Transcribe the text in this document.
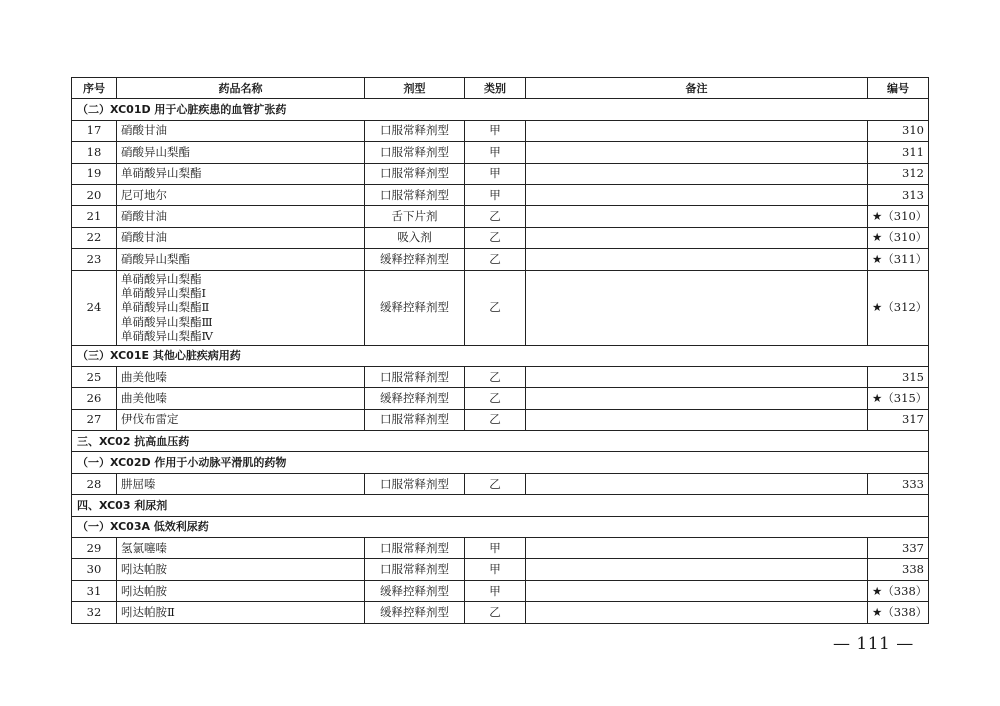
序号	药品名称	剂型	类别	备注	编号
（二）XC01D 用于心脏疾患的血管扩张药					
17	硝酸甘油	口服常释剂型	甲		310
18	硝酸异山梨酯	口服常释剂型	甲		311
19	单硝酸异山梨酯	口服常释剂型	甲		312
20	尼可地尔	口服常释剂型	甲		313
21	硝酸甘油	舌下片剂	乙		★（310）
22	硝酸甘油	吸入剂	乙		★（310）
23	硝酸异山梨酯	缓释控释剂型	乙		★（311）
24	单硝酸异山梨酯
单硝酸异山梨酯Ⅰ
单硝酸异山梨酯Ⅱ
单硝酸异山梨酯Ⅲ
单硝酸异山梨酯Ⅳ	缓释控释剂型	乙		★（312）
（三）XC01E 其他心脏疾病用药					
25	曲美他嗪	口服常释剂型	乙		315
26	曲美他嗪	缓释控释剂型	乙		★（315）
27	伊伐布雷定	口服常释剂型	乙		317
三、XC02 抗高血压药					
（一）XC02D 作用于小动脉平滑肌的药物					
28	肼屈嗪	口服常释剂型	乙		333
四、XC03 利尿剂					
（一）XC03A 低效利尿药					
29	氢氯噻嗪	口服常释剂型	甲		337
30	吲达帕胺	口服常释剂型	甲		338
31	吲达帕胺	缓释控释剂型	甲		★（338）
32	吲达帕胺Ⅱ	缓释控释剂型	乙		★（338）
— 111 —
